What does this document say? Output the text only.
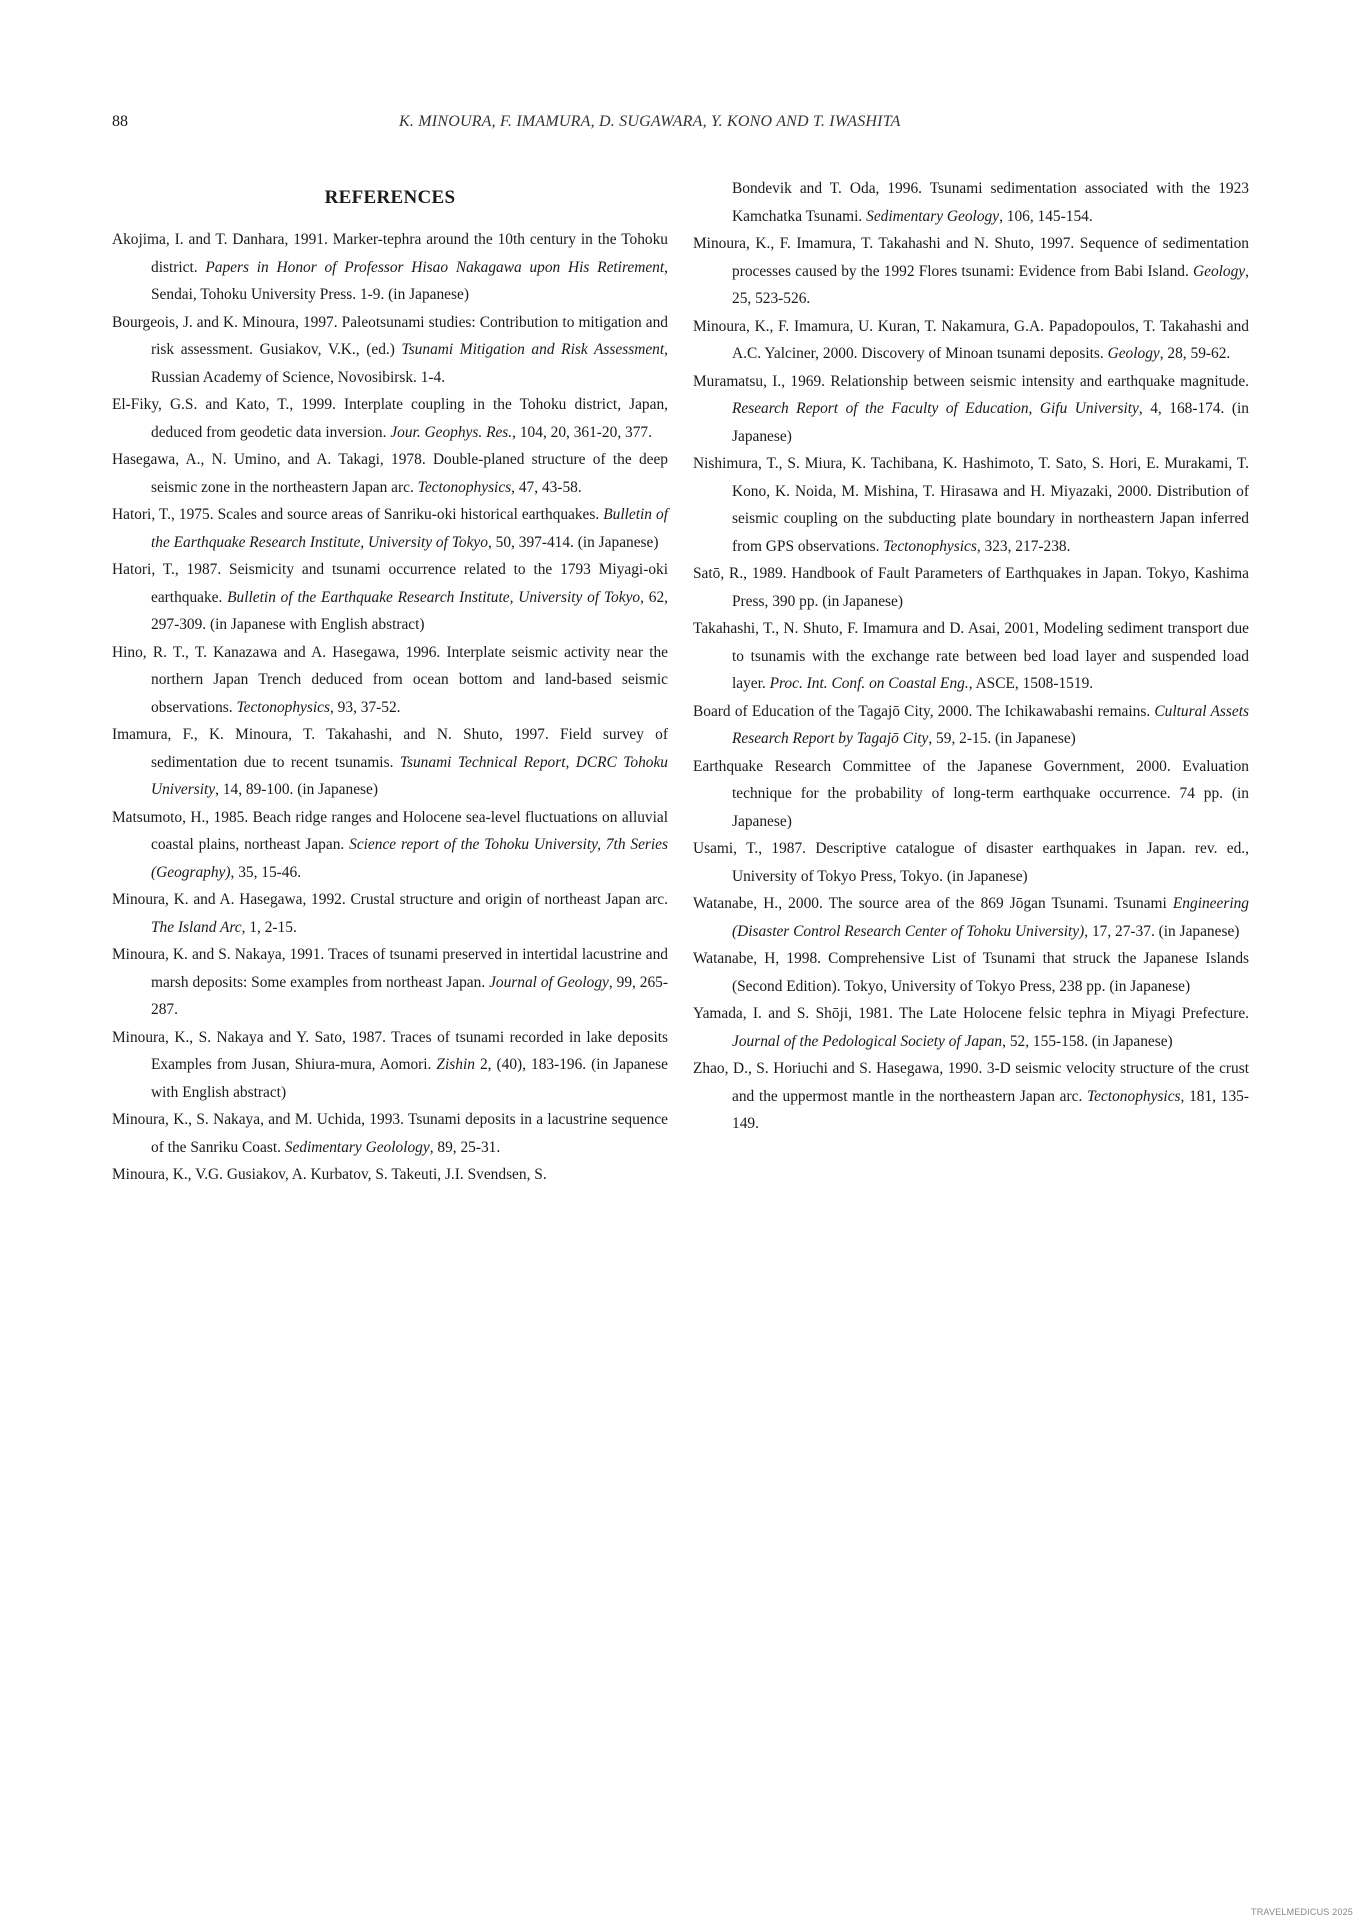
88	K. MINOURA, F. IMAMURA, D. SUGAWARA, Y. KONO AND T. IWASHITA
REFERENCES
Akojima, I. and T. Danhara, 1991. Marker-tephra around the 10th century in the Tohoku district. Papers in Honor of Professor Hisao Nakagawa upon His Retirement, Sendai, Tohoku University Press. 1-9. (in Japanese)
Bourgeois, J. and K. Minoura, 1997. Paleotsunami studies: Contribution to mitigation and risk assessment. Gusiakov, V.K., (ed.) Tsunami Mitigation and Risk Assessment, Russian Academy of Science, Novosibirsk. 1-4.
El-Fiky, G.S. and Kato, T., 1999. Interplate coupling in the Tohoku district, Japan, deduced from geodetic data inversion. Jour. Geophys. Res., 104, 20, 361-20, 377.
Hasegawa, A., N. Umino, and A. Takagi, 1978. Double-planed structure of the deep seismic zone in the northeastern Japan arc. Tectonophysics, 47, 43-58.
Hatori, T., 1975. Scales and source areas of Sanriku-oki historical earthquakes. Bulletin of the Earthquake Research Institute, University of Tokyo, 50, 397-414. (in Japanese)
Hatori, T., 1987. Seismicity and tsunami occurrence related to the 1793 Miyagi-oki earthquake. Bulletin of the Earthquake Research Institute, University of Tokyo, 62, 297-309. (in Japanese with English abstract)
Hino, R. T., T. Kanazawa and A. Hasegawa, 1996. Interplate seismic activity near the northern Japan Trench deduced from ocean bottom and land-based seismic observations. Tectonophysics, 93, 37-52.
Imamura, F., K. Minoura, T. Takahashi, and N. Shuto, 1997. Field survey of sedimentation due to recent tsunamis. Tsunami Technical Report, DCRC Tohoku University, 14, 89-100. (in Japanese)
Matsumoto, H., 1985. Beach ridge ranges and Holocene sea-level fluctuations on alluvial coastal plains, northeast Japan. Science report of the Tohoku University, 7th Series (Geography), 35, 15-46.
Minoura, K. and A. Hasegawa, 1992. Crustal structure and origin of northeast Japan arc. The Island Arc, 1, 2-15.
Minoura, K. and S. Nakaya, 1991. Traces of tsunami preserved in intertidal lacustrine and marsh deposits: Some examples from northeast Japan. Journal of Geology, 99, 265-287.
Minoura, K., S. Nakaya and Y. Sato, 1987. Traces of tsunami recorded in lake deposits Examples from Jusan, Shiura-mura, Aomori. Zishin 2, (40), 183-196. (in Japanese with English abstract)
Minoura, K., S. Nakaya, and M. Uchida, 1993. Tsunami deposits in a lacustrine sequence of the Sanriku Coast. Sedimentary Geolology, 89, 25-31.
Minoura, K., V.G. Gusiakov, A. Kurbatov, S. Takeuti, J.I. Svendsen, S.
Bondevik and T. Oda, 1996. Tsunami sedimentation associated with the 1923 Kamchatka Tsunami. Sedimentary Geology, 106, 145-154.
Minoura, K., F. Imamura, T. Takahashi and N. Shuto, 1997. Sequence of sedimentation processes caused by the 1992 Flores tsunami: Evidence from Babi Island. Geology, 25, 523-526.
Minoura, K., F. Imamura, U. Kuran, T. Nakamura, G.A. Papadopoulos, T. Takahashi and A.C. Yalciner, 2000. Discovery of Minoan tsunami deposits. Geology, 28, 59-62.
Muramatsu, I., 1969. Relationship between seismic intensity and earthquake magnitude. Research Report of the Faculty of Education, Gifu University, 4, 168-174. (in Japanese)
Nishimura, T., S. Miura, K. Tachibana, K. Hashimoto, T. Sato, S. Hori, E. Murakami, T. Kono, K. Noida, M. Mishina, T. Hirasawa and H. Miyazaki, 2000. Distribution of seismic coupling on the subducting plate boundary in northeastern Japan inferred from GPS observations. Tectonophysics, 323, 217-238.
Satō, R., 1989. Handbook of Fault Parameters of Earthquakes in Japan. Tokyo, Kashima Press, 390 pp. (in Japanese)
Takahashi, T., N. Shuto, F. Imamura and D. Asai, 2001, Modeling sediment transport due to tsunamis with the exchange rate between bed load layer and suspended load layer. Proc. Int. Conf. on Coastal Eng., ASCE, 1508-1519.
Board of Education of the Tagajō City, 2000. The Ichikawabashi remains. Cultural Assets Research Report by Tagajō City, 59, 2-15. (in Japanese)
Earthquake Research Committee of the Japanese Government, 2000. Evaluation technique for the probability of long-term earthquake occurrence. 74 pp. (in Japanese)
Usami, T., 1987. Descriptive catalogue of disaster earthquakes in Japan. rev. ed., University of Tokyo Press, Tokyo. (in Japanese)
Watanabe, H., 2000. The source area of the 869 Jōgan Tsunami. Tsunami Engineering (Disaster Control Research Center of Tohoku University), 17, 27-37. (in Japanese)
Watanabe, H, 1998. Comprehensive List of Tsunami that struck the Japanese Islands (Second Edition). Tokyo, University of Tokyo Press, 238 pp. (in Japanese)
Yamada, I. and S. Shōji, 1981. The Late Holocene felsic tephra in Miyagi Prefecture. Journal of the Pedological Society of Japan, 52, 155-158. (in Japanese)
Zhao, D., S. Horiuchi and S. Hasegawa, 1990. 3-D seismic velocity structure of the crust and the uppermost mantle in the northeastern Japan arc. Tectonophysics, 181, 135-149.
TRAVELMEDICUS 2025
